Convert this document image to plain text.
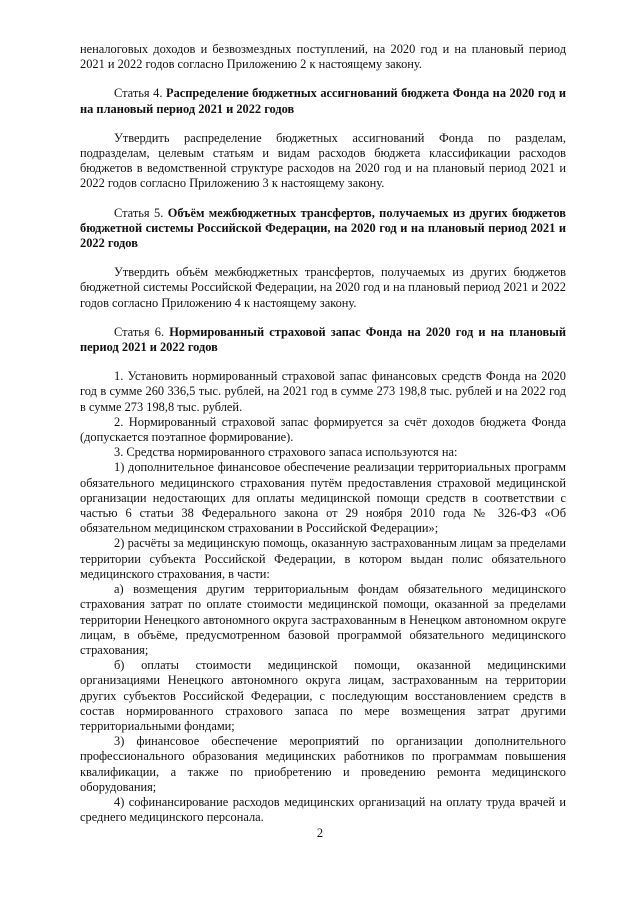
неналоговых доходов и безвозмездных поступлений, на 2020 год и на плановый период 2021 и 2022 годов согласно Приложению 2 к настоящему закону.

Статья 4. Распределение бюджетных ассигнований бюджета Фонда на 2020 год и на плановый период 2021 и 2022 годов

Утвердить распределение бюджетных ассигнований Фонда по разделам, подразделам, целевым статьям и видам расходов бюджета классификации расходов бюджетов в ведомственной структуре расходов на 2020 год и на плановый период 2021 и 2022 годов согласно Приложению 3 к настоящему закону.

Статья 5. Объём межбюджетных трансфертов, получаемых из других бюджетов бюджетной системы Российской Федерации, на 2020 год и на плановый период 2021 и 2022 годов

Утвердить объём межбюджетных трансфертов, получаемых из других бюджетов бюджетной системы Российской Федерации, на 2020 год и на плановый период 2021 и 2022 годов согласно Приложению 4 к настоящему закону.

Статья 6. Нормированный страховой запас Фонда на 2020 год и на плановый период 2021 и 2022 годов

1. Установить нормированный страховой запас финансовых средств Фонда на 2020 год в сумме 260 336,5 тыс. рублей, на 2021 год в сумме 273 198,8 тыс. рублей и на 2022 год в сумме 273 198,8 тыс. рублей.

2. Нормированный страховой запас формируется за счёт доходов бюджета Фонда (допускается поэтапное формирование).

3. Средства нормированного страхового запаса используются на:

1) дополнительное финансовое обеспечение реализации территориальных программ обязательного медицинского страхования путём предоставления страховой медицинской организации недостающих для оплаты медицинской помощи средств в соответствии с частью 6 статьи 38 Федерального закона от 29 ноября 2010 года № 326-ФЗ «Об обязательном медицинском страховании в Российской Федерации»;

2) расчёты за медицинскую помощь, оказанную застрахованным лицам за пределами территории субъекта Российской Федерации, в котором выдан полис обязательного медицинского страхования, в части:

а) возмещения другим территориальным фондам обязательного медицинского страхования затрат по оплате стоимости медицинской помощи, оказанной за пределами территории Ненецкого автономного округа застрахованным в Ненецком автономном округе лицам, в объёме, предусмотренном базовой программой обязательного медицинского страхования;

б) оплаты стоимости медицинской помощи, оказанной медицинскими организациями Ненецкого автономного округа лицам, застрахованным на территории других субъектов Российской Федерации, с последующим восстановлением средств в состав нормированного страхового запаса по мере возмещения затрат другими территориальными фондами;

3) финансовое обеспечение мероприятий по организации дополнительного профессионального образования медицинских работников по программам повышения квалификации, а также по приобретению и проведению ремонта медицинского оборудования;

4) софинансирование расходов медицинских организаций на оплату труда врачей и среднего медицинского персонала.

2
